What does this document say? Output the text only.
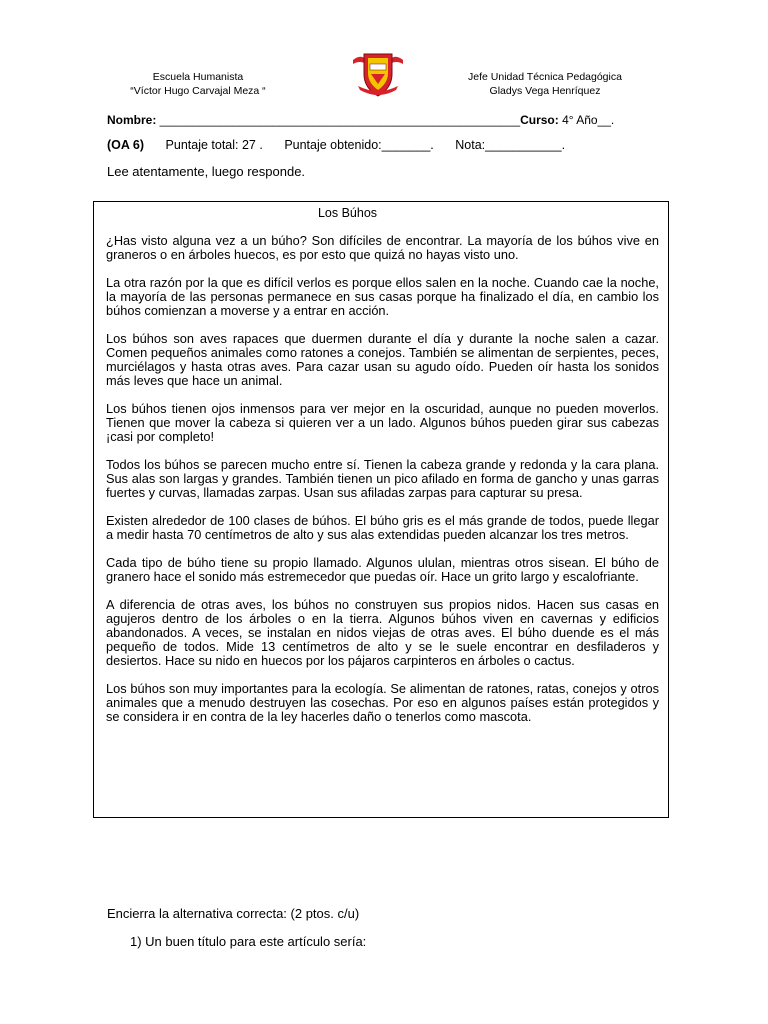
Escuela Humanista
“Víctor Hugo Carvajal Meza “
Jefe Unidad Técnica Pedagógica
Gladys Vega Henríquez
Nombre: ______________________________________________________Curso: 4° Año__.
(OA 6) Puntaje total: 27 . Puntaje obtenido:_______. Nota:___________.
Lee atentamente, luego responde.
Los Búhos

¿Has visto alguna vez a un búho? Son difíciles de encontrar. La mayoría de los búhos vive en graneros o en árboles huecos, es por esto que quizá no hayas visto uno.

La otra razón por la que es difícil verlos es porque ellos salen en la noche. Cuando cae la noche, la mayoría de las personas permanece en sus casas porque ha finalizado el día, en cambio los búhos comienzan a moverse y a entrar en acción.

Los búhos son aves rapaces que duermen durante el día y durante la noche salen a cazar. Comen pequeños animales como ratones a conejos. También se alimentan de serpientes, peces, murciélagos y hasta otras aves. Para cazar usan su agudo oído. Pueden oír hasta los sonidos más leves que hace un animal.

Los búhos tienen ojos inmensos para ver mejor en la oscuridad, aunque no pueden moverlos. Tienen que mover la cabeza si quieren ver a un lado. Algunos búhos pueden girar sus cabezas ¡casi por completo!

Todos los búhos se parecen mucho entre sí. Tienen la cabeza grande y redonda y la cara plana. Sus alas son largas y grandes. También tienen un pico afilado en forma de gancho y unas garras fuertes y curvas, llamadas zarpas. Usan sus afiladas zarpas para capturar su presa.

Existen alrededor de 100 clases de búhos. El búho gris es el más grande de todos, puede llegar a medir hasta 70 centímetros de alto y sus alas extendidas pueden alcanzar los tres metros.

Cada tipo de búho tiene su propio llamado. Algunos ululan, mientras otros sisean. El búho de granero hace el sonido más estremecedor que puedas oír. Hace un grito largo y escalofriante.

A diferencia de otras aves, los búhos no construyen sus propios nidos. Hacen sus casas en agujeros dentro de los árboles o en la tierra. Algunos búhos viven en cavernas y edificios abandonados. A veces, se instalan en nidos viejas de otras aves. El búho duende es el más pequeño de todos. Mide 13 centímetros de alto y se le suele encontrar en desfiladeros y desiertos. Hace su nido en huecos por los pájaros carpinteros en árboles o cactus.

Los búhos son muy importantes para la ecología. Se alimentan de ratones, ratas, conejos y otros animales que a menudo destruyen las cosechas. Por eso en algunos países están protegidos y se considera ir en contra de la ley hacerles daño o tenerlos como mascota.

Encierra la alternativa correcta: (2 ptos. c/u)
1) Un buen título para este artículo sería:
